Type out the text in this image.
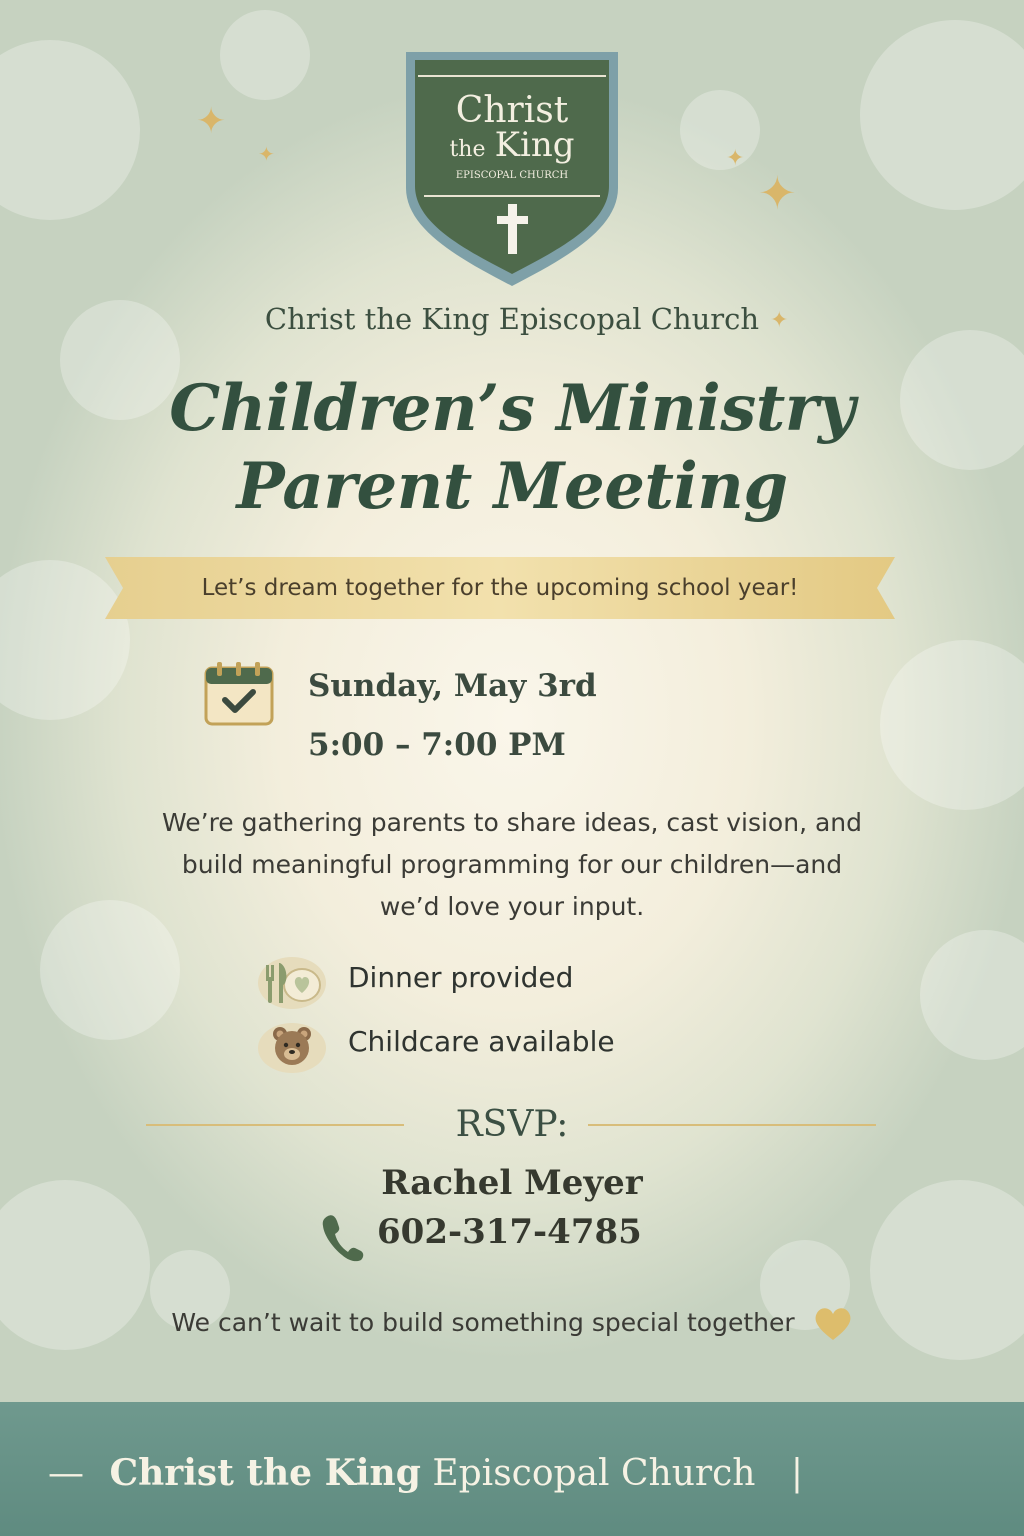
✦
✦	✦
✦
✦
Christ
the King
EPISCOPAL CHURCH
Christ the King Episcopal Church
Children’s Ministry
Parent Meeting
Let’s dream together for the upcoming school year!
Sunday, May 3rd
5:00 – 7:00 PM
We’re gathering parents to share ideas, cast vision, and
build meaningful programming for our children—and
we’d love your input.
Dinner provided
Childcare available
RSVP:
Rachel Meyer
602-317-4785
We can’t wait to build something special together
— Christ the King Episcopal Church |
